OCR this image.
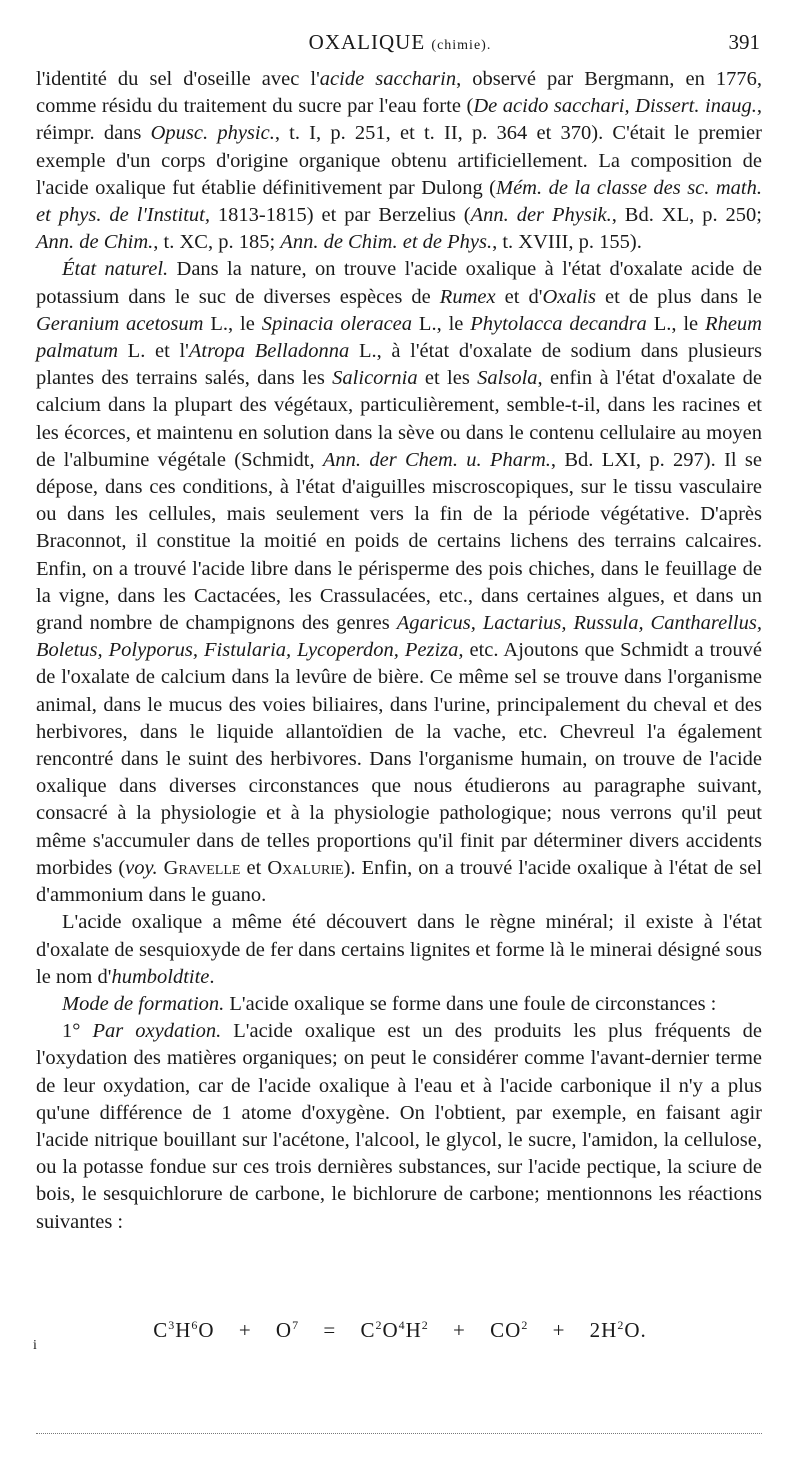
OXALIQUE (chimie).	391

l'identité du sel d'oseille avec l'acide saccharin, observé par Bergmann, en 1776, comme résidu du traitement du sucre par l'eau forte (De acido sacchari, Dissert. inaug., réimpr. dans Opusc. physic., t. I, p. 251, et t. II, p. 364 et 370). C'était le premier exemple d'un corps d'origine organique obtenu artificiellement. La composition de l'acide oxalique fut établie définitivement par Dulong (Mém. de la classe des sc. math. et phys. de l'Institut, 1813-1815) et par Berzelius (Ann. der Physik., Bd. XL, p. 250; Ann. de Chim., t. XC, p. 185; Ann. de Chim. et de Phys., t. XVIII, p. 155).

État naturel. Dans la nature, on trouve l'acide oxalique à l'état d'oxalate acide de potassium dans le suc de diverses espèces de Rumex et d'Oxalis et de plus dans le Geranium acetosum L., le Spinacia oleracea L., le Phytolacca decandra L., le Rheum palmatum L. et l'Atropa Belladonna L., à l'état d'oxalate de sodium dans plusieurs plantes des terrains salés, dans les Salicornia et les Salsola, enfin à l'état d'oxalate de calcium dans la plupart des végétaux, particulièrement, semble-t-il, dans les racines et les écorces, et maintenu en solution dans la sève ou dans le contenu cellulaire au moyen de l'albumine végétale (Schmidt, Ann. der Chem. u. Pharm., Bd. LXI, p. 297). Il se dépose, dans ces conditions, à l'état d'aiguilles miscroscopiques, sur le tissu vasculaire ou dans les cellules, mais seulement vers la fin de la période végétative. D'après Braconnot, il constitue la moitié en poids de certains lichens des terrains calcaires. Enfin, on a trouvé l'acide libre dans le périsperme des pois chiches, dans le feuillage de la vigne, dans les Cactacées, les Crassulacées, etc., dans certaines algues, et dans un grand nombre de champignons des genres Agaricus, Lactarius, Russula, Cantharellus, Boletus, Polyporus, Fistularia, Lycoperdon, Peziza, etc. Ajoutons que Schmidt a trouvé de l'oxalate de calcium dans la levûre de bière. Ce même sel se trouve dans l'organisme animal, dans le mucus des voies biliaires, dans l'urine, principalement du cheval et des herbivores, dans le liquide allantoïdien de la vache, etc. Chevreul l'a également rencontré dans le suint des herbivores. Dans l'organisme humain, on trouve de l'acide oxalique dans diverses circonstances que nous étudierons au paragraphe suivant, consacré à la physiologie et à la physiologie pathologique; nous verrons qu'il peut même s'accumuler dans de telles proportions qu'il finit par déterminer divers accidents morbides (voy. Gravelle et Oxalurie). Enfin, on a trouvé l'acide oxalique à l'état de sel d'ammonium dans le guano.

L'acide oxalique a même été découvert dans le règne minéral; il existe à l'état d'oxalate de sesquioxyde de fer dans certains lignites et forme là le minerai désigné sous le nom d'humboldtite.

Mode de formation. L'acide oxalique se forme dans une foule de circonstances :

1° Par oxydation. L'acide oxalique est un des produits les plus fréquents de l'oxydation des matières organiques; on peut le considérer comme l'avant-dernier terme de leur oxydation, car de l'acide oxalique à l'eau et à l'acide carbonique il n'y a plus qu'une différence de 1 atome d'oxygène. On l'obtient, par exemple, en faisant agir l'acide nitrique bouillant sur l'acétone, l'alcool, le glycol, le sucre, l'amidon, la cellulose, ou la potasse fondue sur ces trois dernières substances, sur l'acide pectique, la sciure de bois, le sesquichlorure de carbone, le bichlorure de carbone; mentionnons les réactions suivantes :

i
$C^3H^6O + O^7 = C^2O^4H^2 + CO^2 + 2H^2O$.
